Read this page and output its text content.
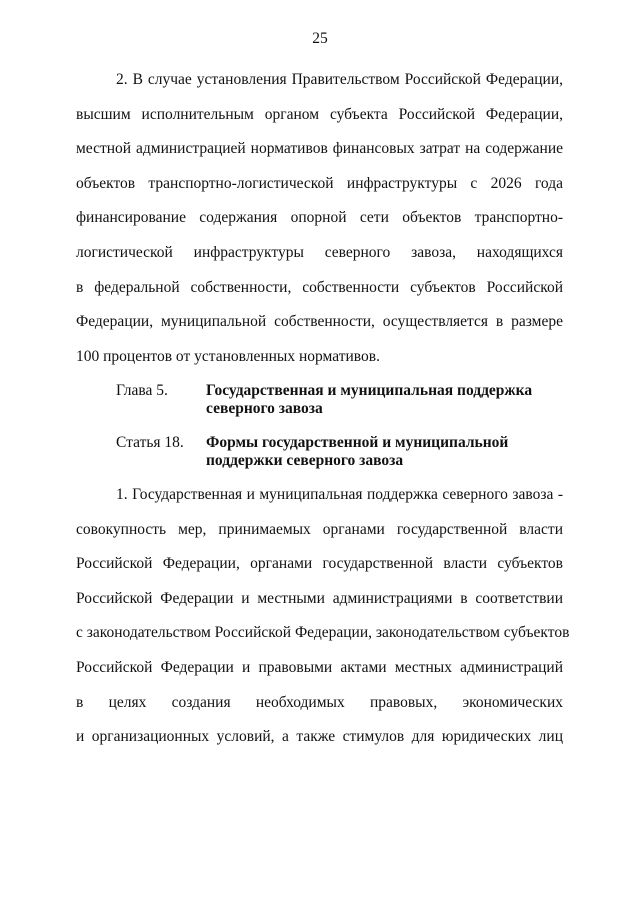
25
2. В случае установления Правительством Российской Федерации,
высшим исполнительным органом субъекта Российской Федерации,
местной администрацией нормативов финансовых затрат на содержание
объектов транспортно-логистической инфраструктуры с 2026 года
финансирование содержания опорной сети объектов транспортно-
логистической инфраструктуры северного завоза, находящихся
в федеральной собственности, собственности субъектов Российской
Федерации, муниципальной собственности, осуществляется в размере
100 процентов от установленных нормативов.
Глава 5. Государственная и муниципальная поддержка
северного завоза
Статья 18. Формы государственной и муниципальной
поддержки северного завоза
1. Государственная и муниципальная поддержка северного завоза -
совокупность мер, принимаемых органами государственной власти
Российской Федерации, органами государственной власти субъектов
Российской Федерации и местными администрациями в соответствии
с законодательством Российской Федерации, законодательством субъектов
Российской Федерации и правовыми актами местных администраций
в целях создания необходимых правовых, экономических
и организационных условий, а также стимулов для юридических лиц
